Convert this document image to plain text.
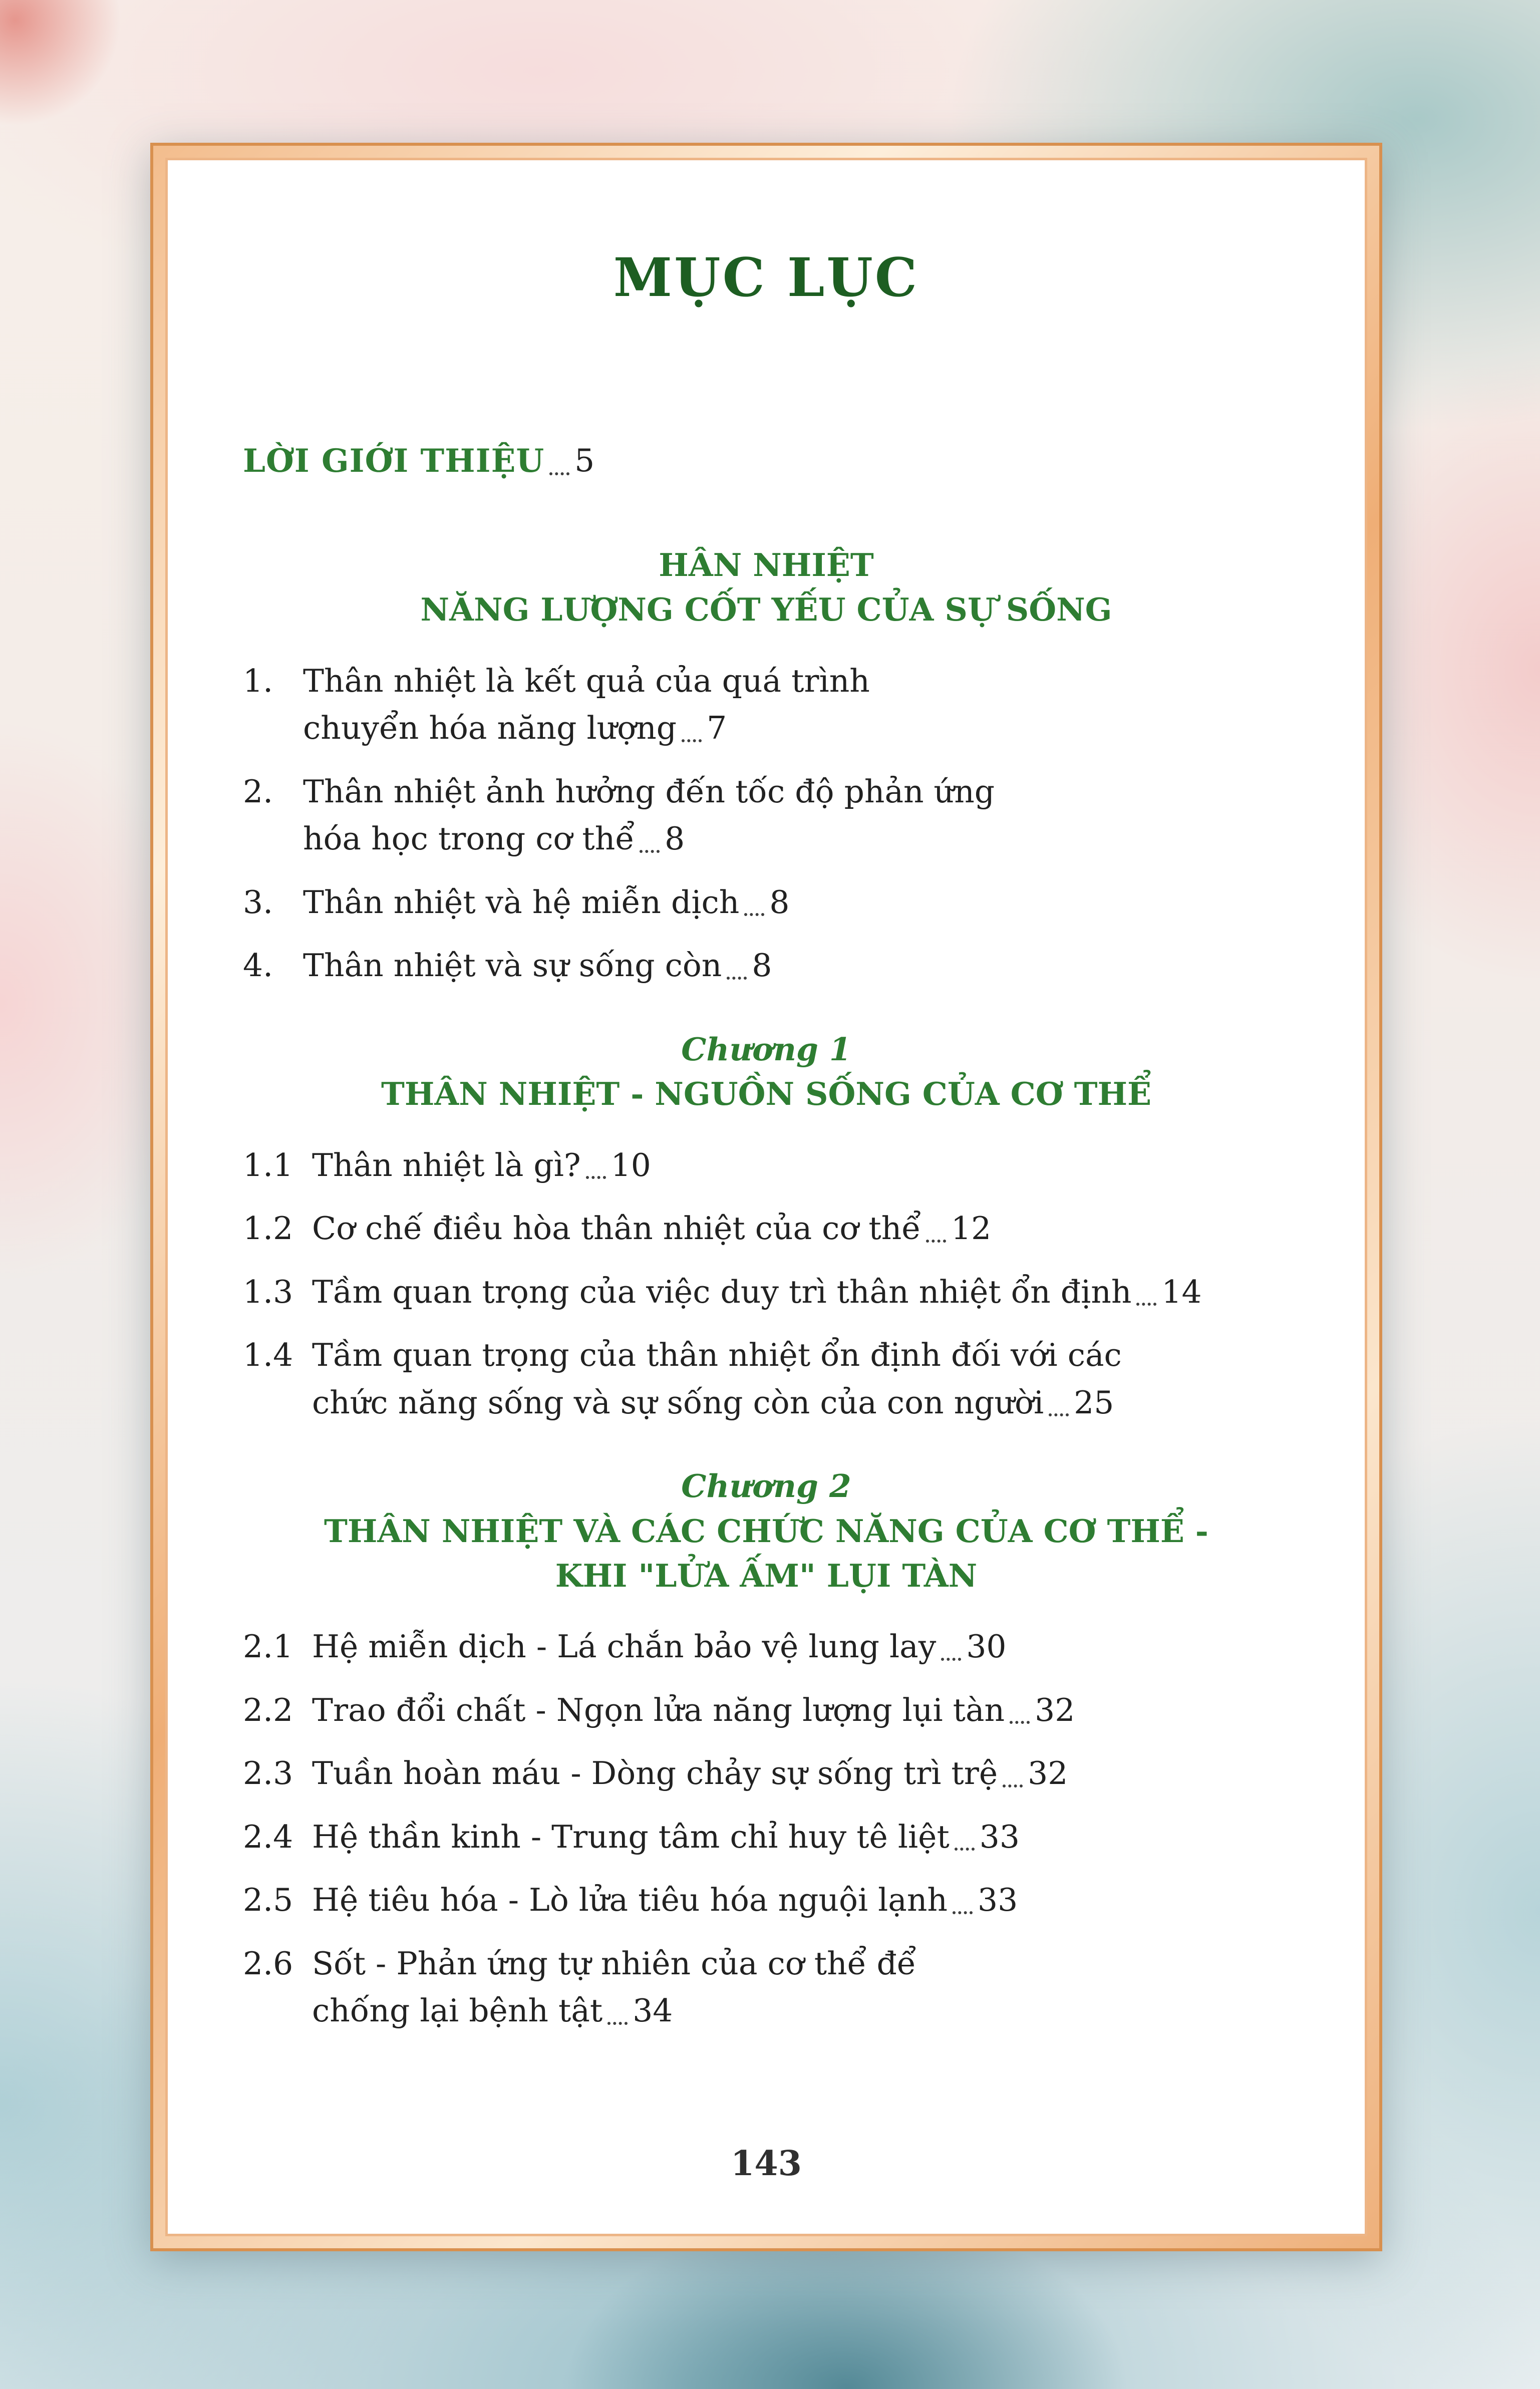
MỤC LỤC
LỜI GIỚI THIỆU 5
HÂN NHIỆT
NĂNG LƯỢNG CỐT YẾU CỦA SỰ SỐNG
1. Thân nhiệt là kết quả của quá trình
chuyển hóa năng lượng 7
2. Thân nhiệt ảnh hưởng đến tốc độ phản ứng
hóa học trong cơ thể 8
3. Thân nhiệt và hệ miễn dịch 8
4. Thân nhiệt và sự sống còn 8
Chương 1
THÂN NHIỆT - NGUỒN SỐNG CỦA CƠ THỂ
1.1 Thân nhiệt là gì? 10
1.2 Cơ chế điều hòa thân nhiệt của cơ thể 12
1.3 Tầm quan trọng của việc duy trì thân nhiệt ổn định 14
1.4 Tầm quan trọng của thân nhiệt ổn định đối với các
chức năng sống và sự sống còn của con người 25
Chương 2
THÂN NHIỆT VÀ CÁC CHỨC NĂNG CỦA CƠ THỂ -
KHI "LỬA ẤM" LỤI TÀN
2.1 Hệ miễn dịch - Lá chắn bảo vệ lung lay 30
2.2 Trao đổi chất - Ngọn lửa năng lượng lụi tàn 32
2.3 Tuần hoàn máu - Dòng chảy sự sống trì trệ 32
2.4 Hệ thần kinh - Trung tâm chỉ huy tê liệt 33
2.5 Hệ tiêu hóa - Lò lửa tiêu hóa nguội lạnh 33
2.6 Sốt - Phản ứng tự nhiên của cơ thể để
chống lại bệnh tật 34
143
